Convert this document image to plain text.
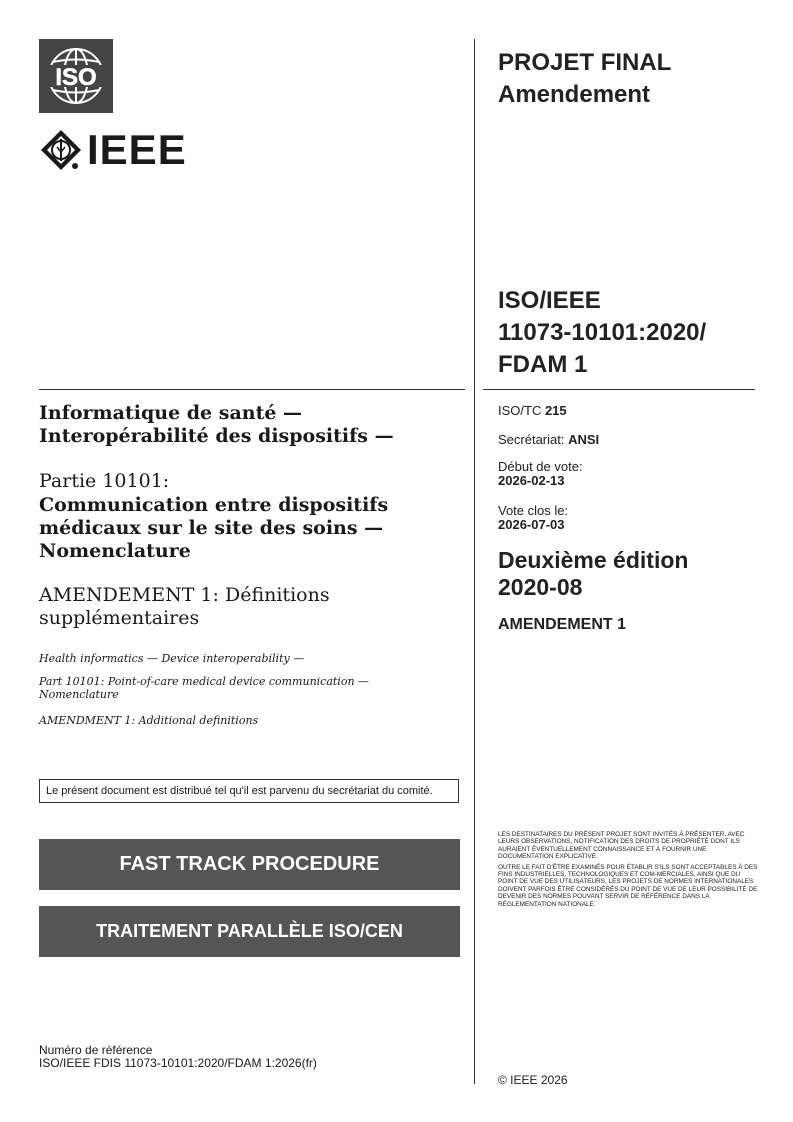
ISO
IEEE
PROJET FINAL
Amendement
ISO/IEEE
11073-10101:2020/
FDAM 1
ISO/TC 215
Secrétariat: ANSI
Début de vote:
2026-02-13
Vote clos le:
2026-07-03
Deuxième édition
2020-08
AMENDEMENT 1

LES DESTINATAIRES DU PRÉSENT PROJET SONT INVITÉS À PRÉSENTER, AVEC LEURS OBSERVATIONS, NOTIFICATION DES DROITS DE PROPRIÉTÉ DONT ILS AURAIENT ÉVENTUELLEMENT CONNAISSANCE ET À FOURNIR UNE DOCUMENTATION EXPLICATIVE.

OUTRE LE FAIT D'ÊTRE EXAMINÉS POUR ÉTABLIR S'ILS SONT ACCEPTABLES À DES FINS INDUSTRIELLES, TECHNOLOGIQUES ET COM-MERCIALES, AINSI QUE DU POINT DE VUE DES UTILISATEURS, LES PROJETS DE NORMES INTERNATIONALES DOIVENT PARFOIS ÊTRE CONSIDÉRÉS DU POINT DE VUE DE LEUR POSSIBILITÉ DE DEVENIR DES NORMES POUVANT SERVIR DE RÉFÉRENCE DANS LA RÉGLEMENTATION NATIONALE.

© IEEE 2026
Informatique de santé —
Interopérabilité des dispositifs —
Partie 10101:
Communication entre dispositifs
médicaux sur le site des soins —
Nomenclature
AMENDEMENT 1: Définitions
supplémentaires
Health informatics — Device interoperability —
Part 10101: Point-of-care medical device communication — Nomenclature
AMENDMENT 1: Additional definitions
Le présent document est distribué tel qu'il est parvenu du secrétariat du comité.
FAST TRACK PROCEDURE
TRAITEMENT PARALLÈLE ISO/CEN
Numéro de référence
ISO/IEEE FDIS 11073-10101:2020/FDAM 1:2026(fr)
